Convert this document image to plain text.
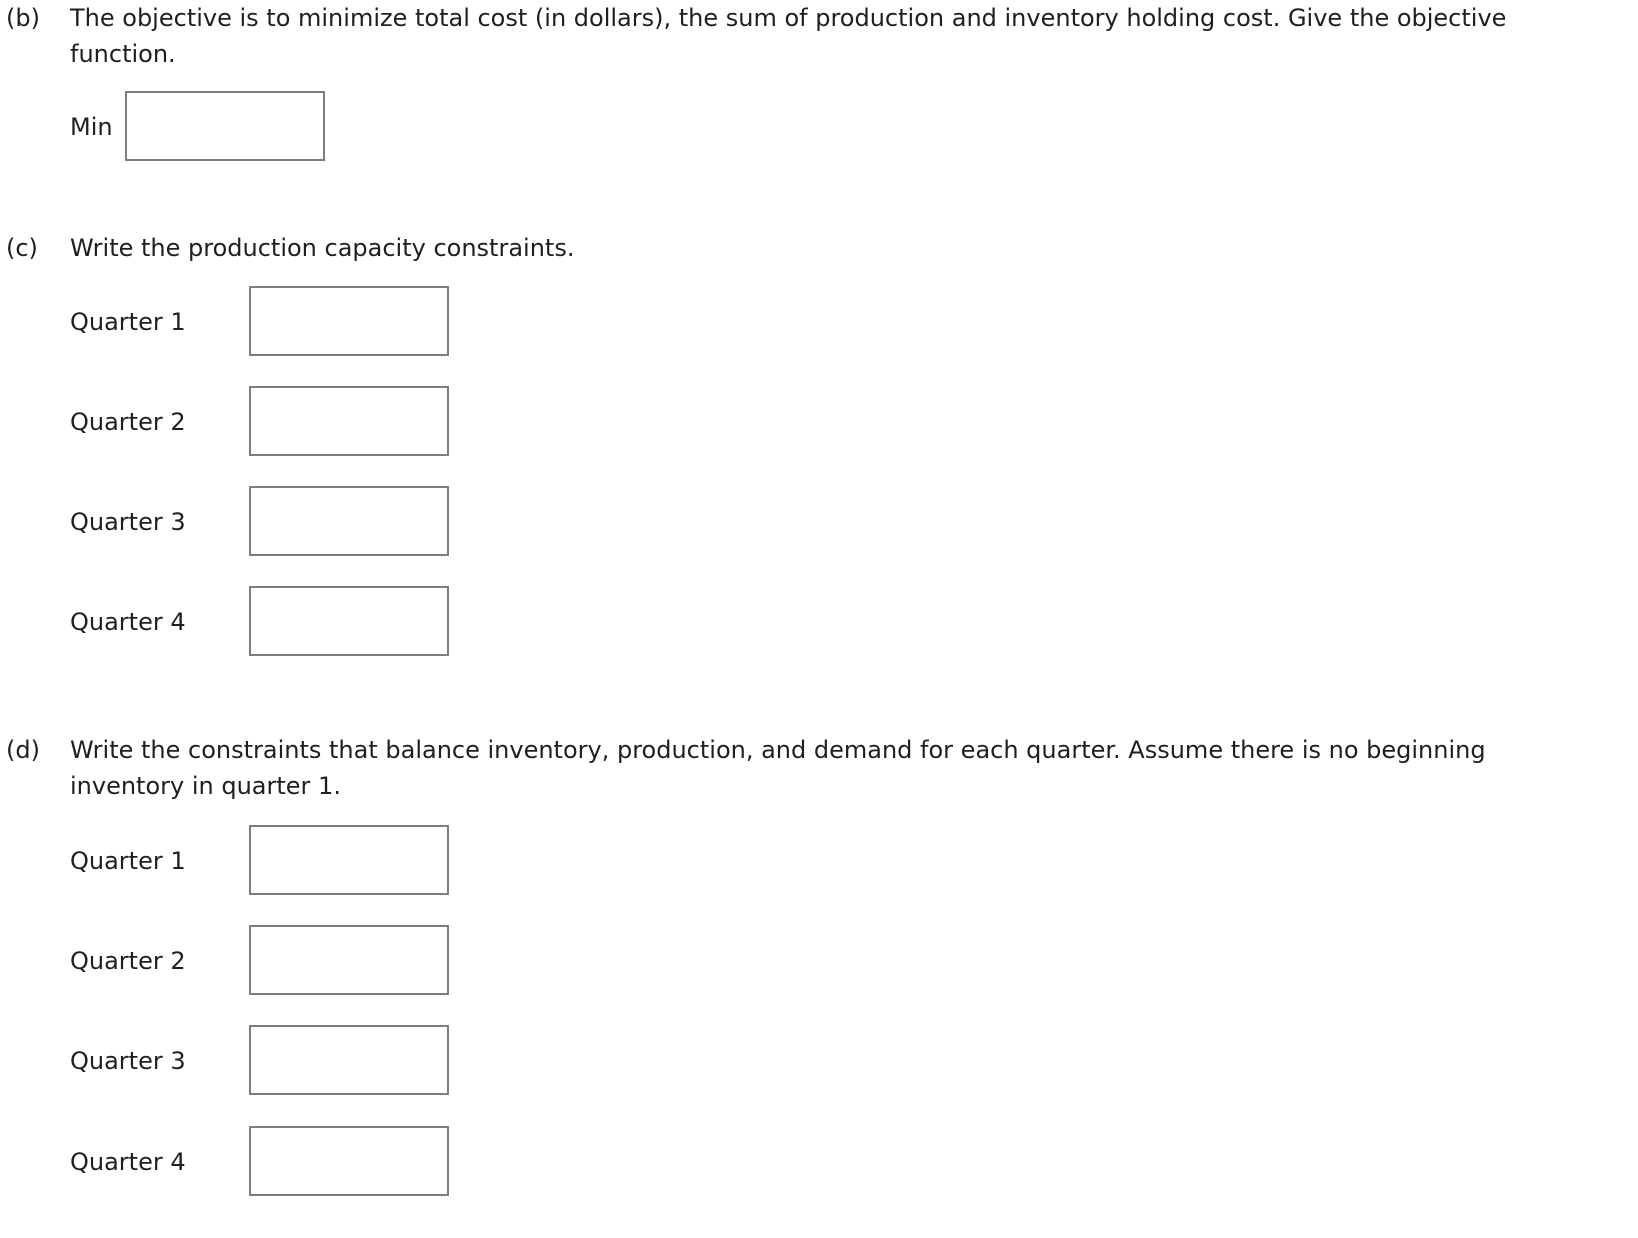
(b) The objective is to minimize total cost (in dollars), the sum of production and inventory holding cost. Give the objective
function.
Min
(c) Write the production capacity constraints.
Quarter 1
Quarter 2
Quarter 3
Quarter 4
(d) Write the constraints that balance inventory, production, and demand for each quarter. Assume there is no beginning
inventory in quarter 1.
Quarter 1
Quarter 2
Quarter 3
Quarter 4
